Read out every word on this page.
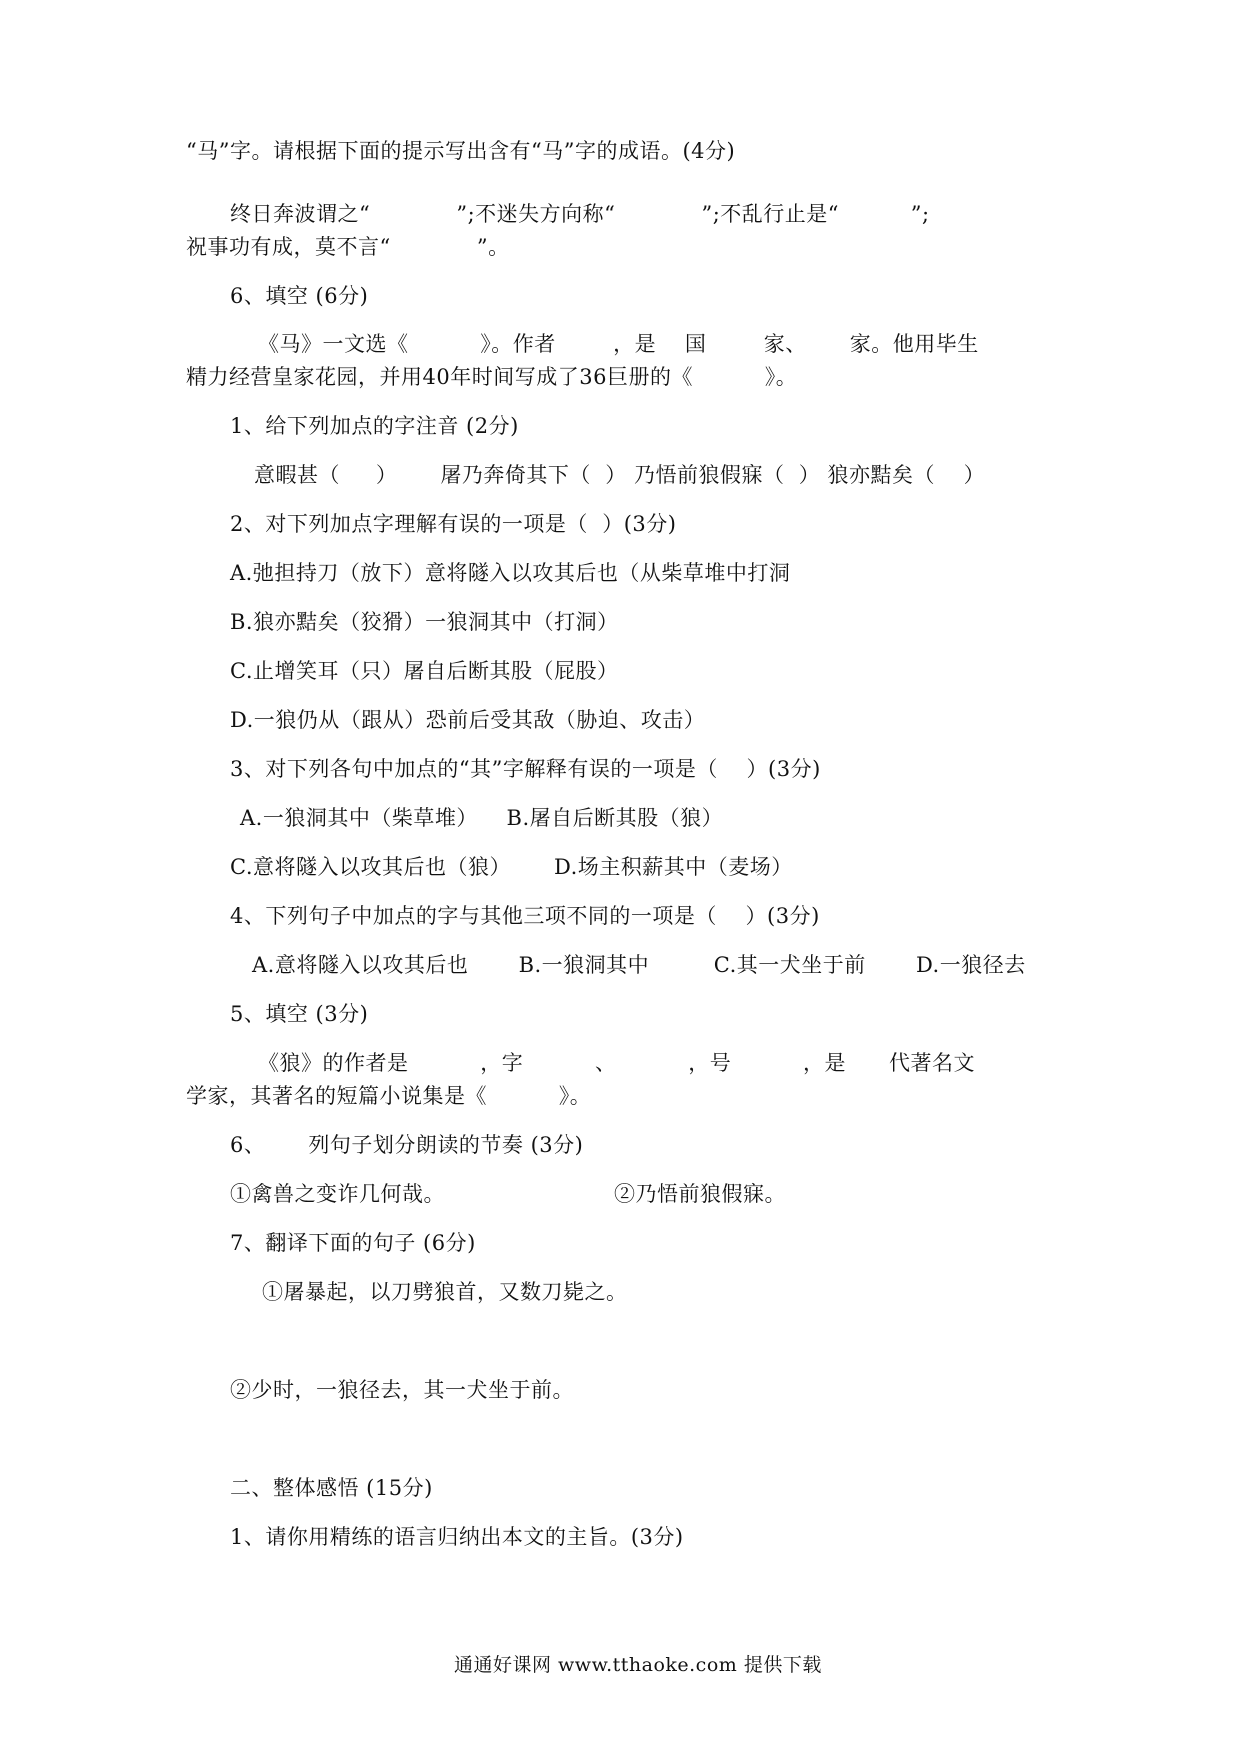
“马”字。请根据下面的提示写出含有“马”字的成语。(4分)
终日奔波谓之“            ”;不迷失方向称“            ”;不乱行止是“          ”;
祝事功有成，莫不言“            ”。
6、填空 (6分)
《马》一文选《          》。作者        ，是    国        家、      家。他用毕生
精力经营皇家花园，并用40年时间写成了36巨册的《          》。
1、给下列加点的字注音 (2分)
意暇甚（     ）      屠乃奔倚其下（  ） 乃悟前狼假寐（  ） 狼亦黠矣（    ）
2、对下列加点字理解有误的一项是（  ）(3分)
A.弛担持刀（放下）意将隧入以攻其后也（从柴草堆中打洞
B.狼亦黠矣（狡猾）一狼洞其中（打洞）
C.止增笑耳（只）屠自后断其股（屁股）
D.一狼仍从（跟从）恐前后受其敌（胁迫、攻击）
3、对下列各句中加点的“其”字解释有误的一项是（    ）(3分)
A.一狼洞其中（柴草堆）    B.屠自后断其股（狼）
C.意将隧入以攻其后也（狼）      D.场主积薪其中（麦场）
4、下列句子中加点的字与其他三项不同的一项是（    ）(3分)
A.意将隧入以攻其后也       B.一狼洞其中         C.其一犬坐于前       D.一狼径去
5、填空 (3分)
《狼》的作者是          ，字          、          ，号          ，是      代著名文
学家，其著名的短篇小说集是《          》。
6、      列句子划分朗读的节奏 (3分)
①禽兽之变诈几何哉。	②乃悟前狼假寐。
7、翻译下面的句子 (6分)
①屠暴起，以刀劈狼首，又数刀毙之。
②少时，一狼径去，其一犬坐于前。
二、整体感悟 (15分)
1、请你用精练的语言归纳出本文的主旨。(3分)
通通好课网 www.tthaoke.com 提供下载
